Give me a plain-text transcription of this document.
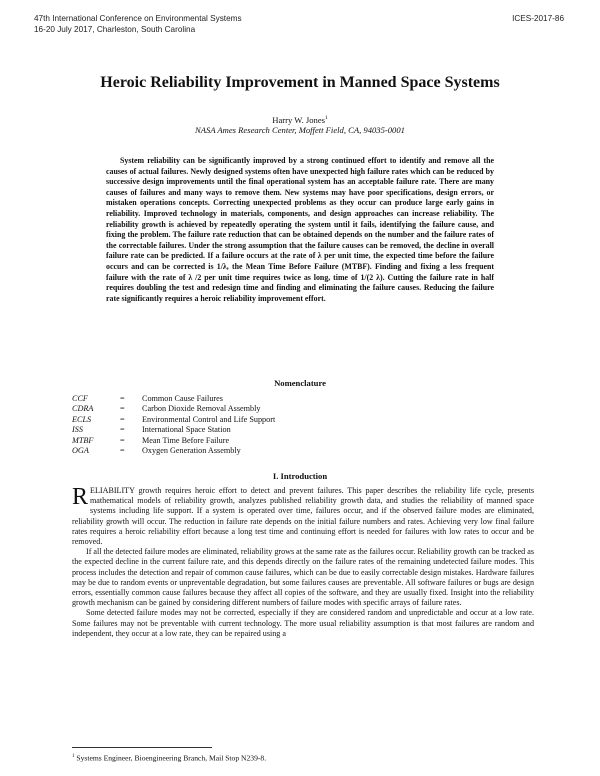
47th International Conference on Environmental Systems
16-20 July 2017, Charleston, South Carolina
ICES-2017-86
Heroic Reliability Improvement in Manned Space Systems
Harry W. Jones$^1$
NASA Ames Research Center, Moffett Field, CA, 94035-0001

System reliability can be significantly improved by a strong continued effort to identify and remove all the causes of actual failures. Newly designed systems often have unexpected high failure rates which can be reduced by successive design improvements until the final operational system has an acceptable failure rate. There are many causes of failures and many ways to remove them. New systems may have poor specifications, design errors, or mistaken operations concepts. Correcting unexpected problems as they occur can produce large early gains in reliability. Improved technology in materials, components, and design approaches can increase reliability. The reliability growth is achieved by repeatedly operating the system until it fails, identifying the failure cause, and fixing the problem. The failure rate reduction that can be obtained depends on the number and the failure rates of the correctable failures. Under the strong assumption that the failure causes can be removed, the decline in overall failure rate can be predicted. If a failure occurs at the rate of λ per unit time, the expected time before the failure occurs and can be corrected is 1/λ, the Mean Time Before Failure (MTBF). Finding and fixing a less frequent failure with the rate of λ /2 per unit time requires twice as long, time of 1/(2 λ). Cutting the failure rate in half requires doubling the test and redesign time and finding and eliminating the failure causes. Reducing the failure rate significantly requires a heroic reliability improvement effort.

Nomenclature
CCF	=	Common Cause Failures
CDRA	=	Carbon Dioxide Removal Assembly
ECLS	=	Environmental Control and Life Support
ISS	=	International Space Station
MTBF	=	Mean Time Before Failure
OGA	=	Oxygen Generation Assembly
I. Introduction

RELIABILITY growth requires heroic effort to detect and prevent failures. This paper describes the reliability life cycle, presents mathematical models of reliability growth, analyzes published reliability growth data, and studies the reliability of manned space systems including life support. If a system is operated over time, failures occur, and if the observed failure modes are eliminated, reliability growth will occur. The reduction in failure rate depends on the initial failure numbers and rates. Achieving very low final failure rates requires a heroic reliability effort because a long test time and continuing effort is needed for failures with low rates to occur and be removed.

If all the detected failure modes are eliminated, reliability grows at the same rate as the failures occur. Reliability growth can be tracked as the expected decline in the current failure rate, and this depends directly on the failure rates of the remaining undetected failure modes. This process includes the detection and repair of common cause failures, which can be due to easily correctable design mistakes. Hardware failures may be due to random events or unpreventable degradation, but some failures causes are preventable. All software failures or bugs are design errors, essentially common cause failures because they affect all copies of the software, and they are usually fixed. Insight into the reliability growth mechanism can be gained by considering different numbers of failure modes with specific arrays of failure rates.

Some detected failure modes may not be corrected, especially if they are considered random and unpredictable and occur at a low rate. Some failures may not be preventable with current technology. The more usual reliability assumption is that most failures are random and independent, they occur at a low rate, they can be repaired using a

$^1$ Systems Engineer, Bioengineering Branch, Mail Stop N239-8.
